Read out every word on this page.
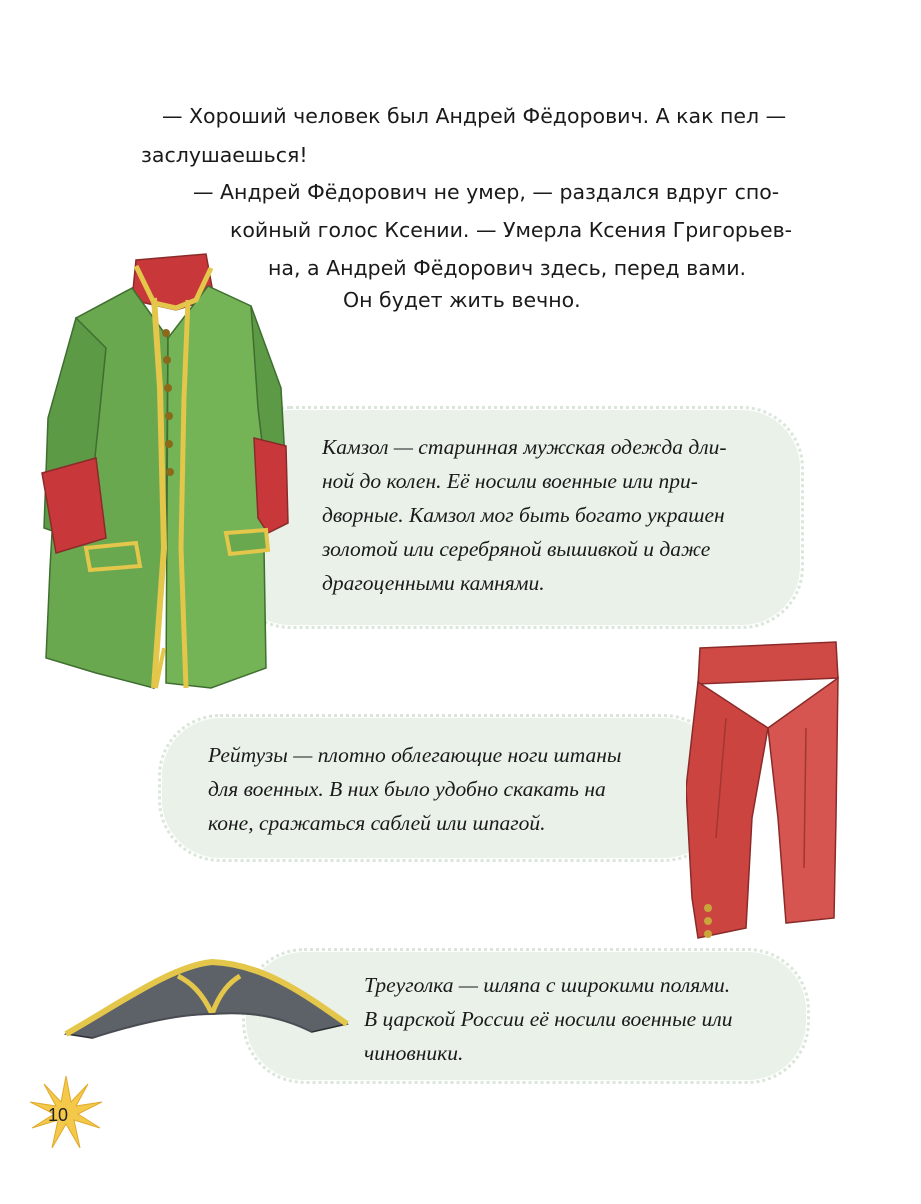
— Хороший человек был Андрей Фёдорович. А как пел —
заслушаешься!
— Андрей Фёдорович не умер, — раздался вдруг спо-
койный голос Ксении. — Умерла Ксения Григорьев-
на, а Андрей Фёдорович здесь, перед вами.
Он будет жить вечно.
Камзол — старинная мужская одежда дли-
ной до колен. Её носили военные или при-
дворные. Камзол мог быть богато украшен
золотой или серебряной вышивкой и даже
драгоценными камнями.
Рейтузы — плотно облегающие ноги штаны
для военных. В них было удобно скакать на
коне, сражаться саблей или шпагой.
Треуголка — шляпа с широкими полями.
В царской России её носили военные или
чиновники.
10
